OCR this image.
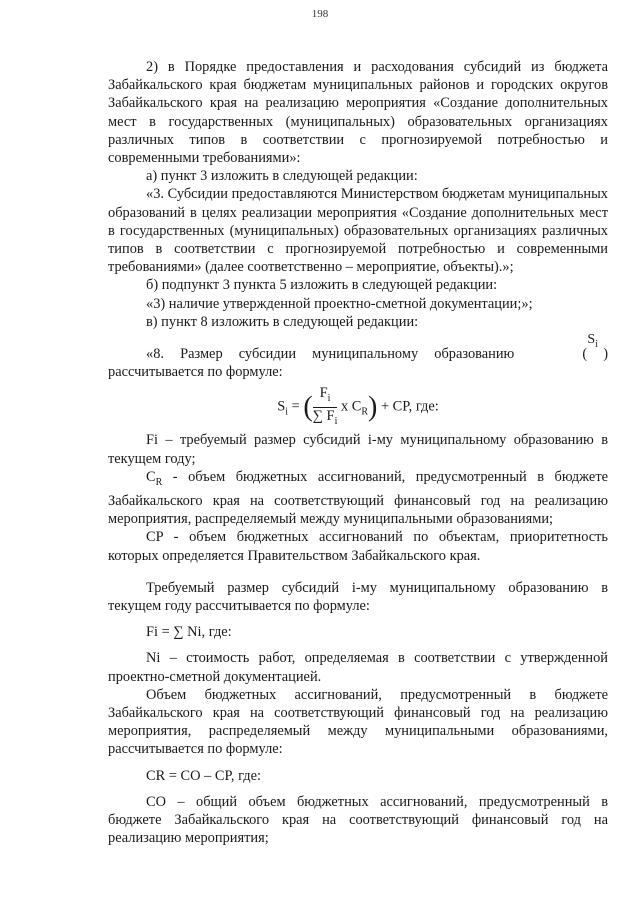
198

2) в Порядке предоставления и расходования субсидий из бюджета Забайкальского края бюджетам муниципальных районов и городских округов Забайкальского края на реализацию мероприятия «Создание дополнительных мест в государственных (муниципальных) образовательных организациях различных типов в соответствии с прогнозируемой потребностью и современными требованиями»:

а) пункт 3 изложить в следующей редакции:

«3. Субсидии предоставляются Министерством бюджетам муниципальных образований в целях реализации мероприятия «Создание дополнительных мест в государственных (муниципальных) образовательных организациях различных типов в соответствии с прогнозируемой потребностью и современными требованиями» (далее соответственно – мероприятие, объекты).»;

б) подпункт 3 пункта 5 изложить в следующей редакции:

«3) наличие утвержденной проектно-сметной документации;»;

в) пункт 8 изложить в следующей редакции:

«8. Размер субсидии муниципальному образованию	( )
$S_i$

рассчитывается по формуле:

$S_i$ = ( $\frac{F_i}{\sum F_i}$ x $C_R$) + CP, где:

Fi – требуемый размер субсидий i-му муниципальному образованию в текущем году;

$C_R$ - объем бюджетных ассигнований, предусмотренный в бюджете Забайкальского края на соответствующий финансовый год на реализацию мероприятия, распределяемый между муниципальными образованиями;

CP - объем бюджетных ассигнований по объектам, приоритетность которых определяется Правительством Забайкальского края.

Требуемый размер субсидий i-му муниципальному образованию в текущем году рассчитывается по формуле:

Fi = ∑ Ni, где:

Ni – стоимость работ, определяемая в соответствии с утвержденной проектно-сметной документацией.

Объем бюджетных ассигнований, предусмотренный в бюджете Забайкальского края на соответствующий финансовый год на реализацию мероприятия, распределяемый между муниципальными образованиями, рассчитывается по формуле:

CR = CO – CP, где:

CO – общий объем бюджетных ассигнований, предусмотренный в бюджете Забайкальского края на соответствующий финансовый год на реализацию мероприятия;
